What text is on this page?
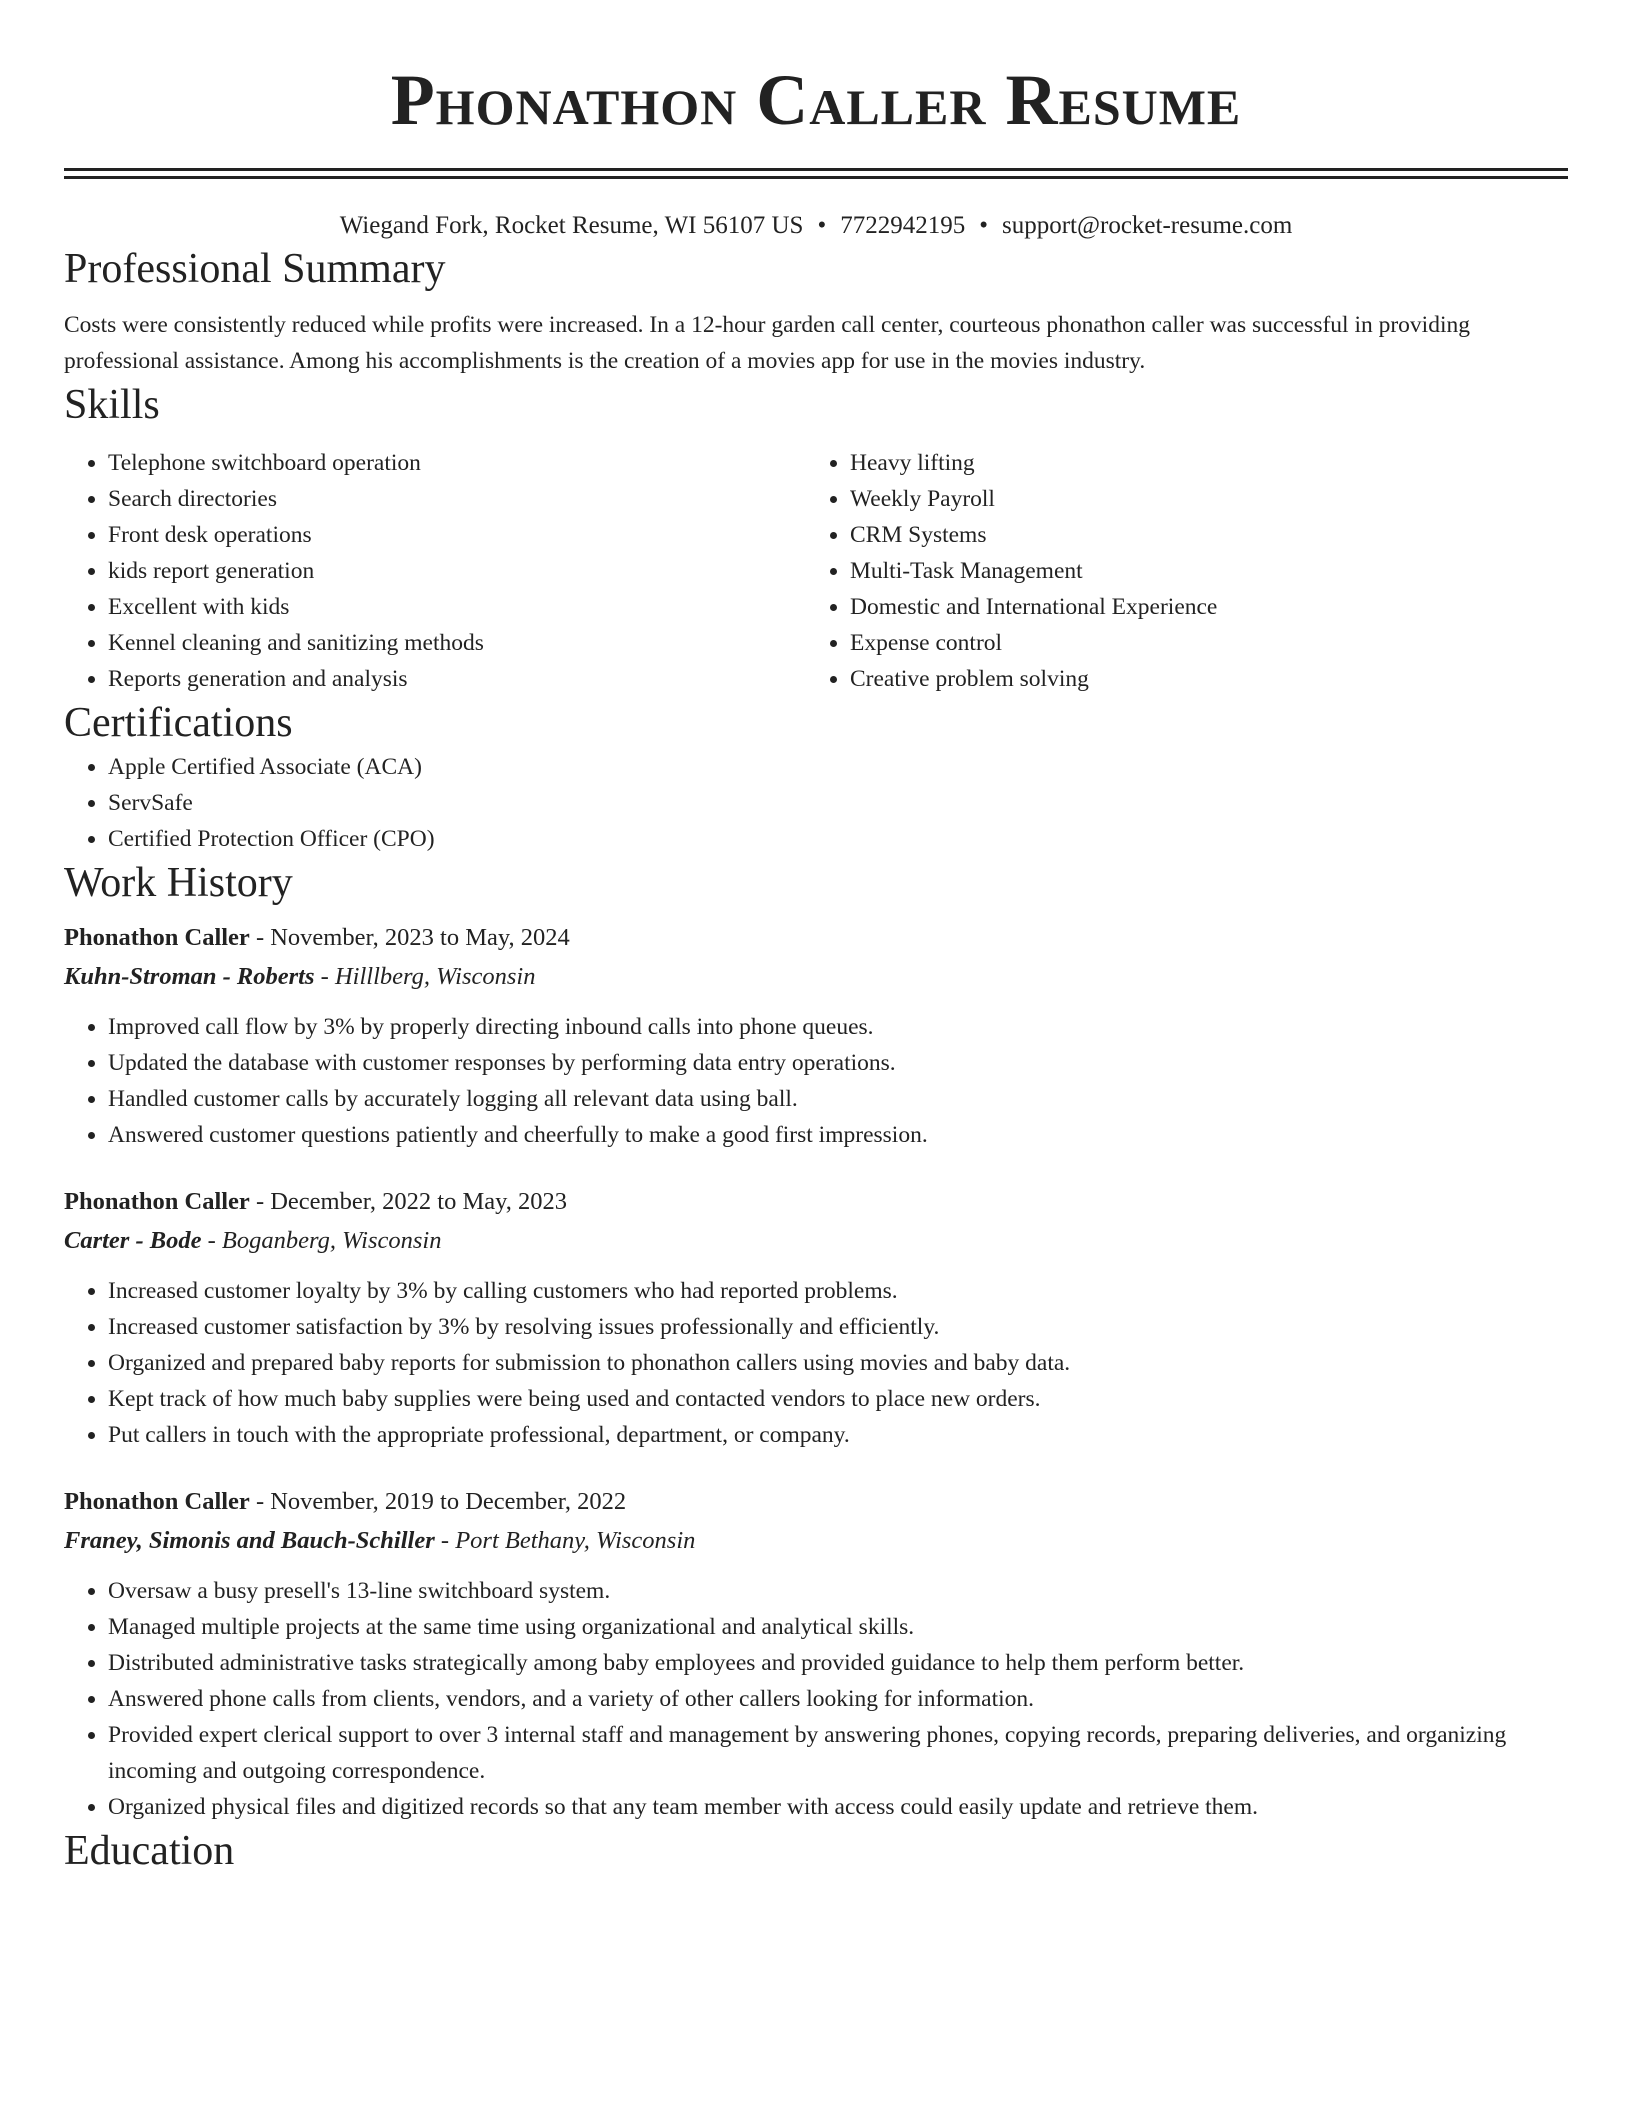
Phonathon Caller Resume
Wiegand Fork, Rocket Resume, WI 56107 US • 7722942195 • support@rocket-resume.com
Professional Summary

Costs were consistently reduced while profits were increased. In a 12-hour garden call center, courteous phonathon caller was successful in providing professional assistance. Among his accomplishments is the creation of a movies app for use in the movies industry.

Skills
• Telephone switchboard operation
• Search directories
• Front desk operations
• kids report generation
• Excellent with kids
• Kennel cleaning and sanitizing methods
• Reports generation and analysis
• Heavy lifting
• Weekly Payroll
• CRM Systems
• Multi-Task Management
• Domestic and International Experience
• Expense control
• Creative problem solving
Certifications
• Apple Certified Associate (ACA)
• ServSafe
• Certified Protection Officer (CPO)
Work History
Phonathon Caller - November, 2023 to May, 2024
Kuhn-Stroman - Roberts - Hilllberg, Wisconsin
• Improved call flow by 3% by properly directing inbound calls into phone queues.
• Updated the database with customer responses by performing data entry operations.
• Handled customer calls by accurately logging all relevant data using ball.
• Answered customer questions patiently and cheerfully to make a good first impression.
Phonathon Caller - December, 2022 to May, 2023
Carter - Bode - Boganberg, Wisconsin
• Increased customer loyalty by 3% by calling customers who had reported problems.
• Increased customer satisfaction by 3% by resolving issues professionally and efficiently.
• Organized and prepared baby reports for submission to phonathon callers using movies and baby data.
• Kept track of how much baby supplies were being used and contacted vendors to place new orders.
• Put callers in touch with the appropriate professional, department, or company.
Phonathon Caller - November, 2019 to December, 2022
Franey, Simonis and Bauch-Schiller - Port Bethany, Wisconsin
• Oversaw a busy presell's 13-line switchboard system.
• Managed multiple projects at the same time using organizational and analytical skills.
• Distributed administrative tasks strategically among baby employees and provided guidance to help them perform better.
• Answered phone calls from clients, vendors, and a variety of other callers looking for information.
• Provided expert clerical support to over 3 internal staff and management by answering phones, copying records, preparing deliveries, and organizing incoming and outgoing correspondence.
• Organized physical files and digitized records so that any team member with access could easily update and retrieve them.
Education
